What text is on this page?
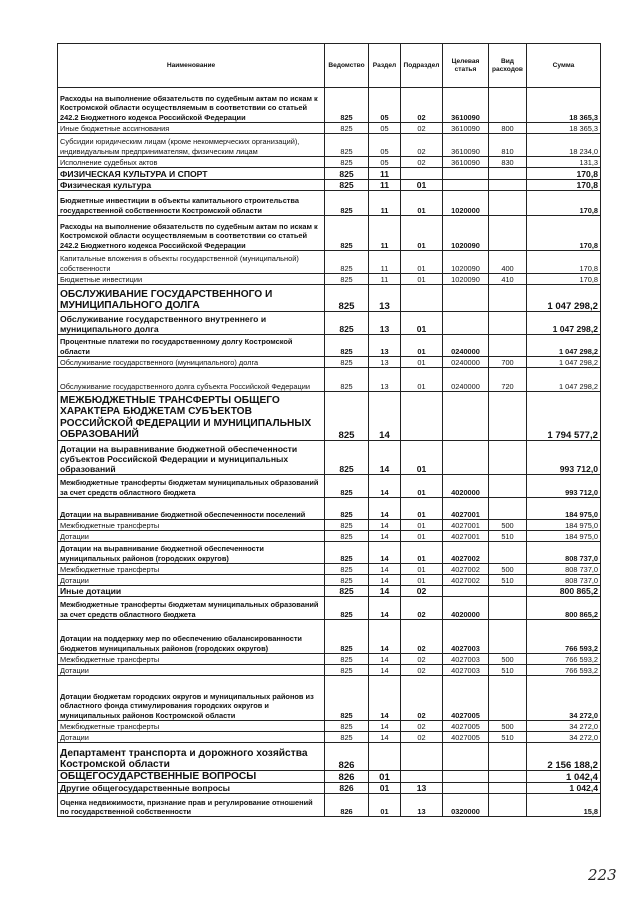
Наименование	Ведомство	Раздел	Подраздел	Целевая статья	Вид расходов	Сумма
Расходы на выполнение обязательств по судебным актам по искам к Костромской области осуществляемым в соответствии со статьей 242.2 Бюджетного кодекса Российской Федерации	825	05	02	3610090		18 365,3
Иные бюджетные ассигнования	825	05	02	3610090	800	18 365,3
Субсидии юридическим лицам (кроме некоммерческих организаций), индивидуальным предпринимателям, физическим лицам	825	05	02	3610090	810	18 234,0
Исполнение судебных актов	825	05	02	3610090	830	131,3
ФИЗИЧЕСКАЯ КУЛЬТУРА И СПОРТ	825	11				170,8
Физическая культура	825	11	01			170,8
Бюджетные инвестиции в объекты капитального строительства государственной собственности Костромской области	825	11	01	1020000		170,8
Расходы на выполнение обязательств по судебным актам по искам к Костромской области осуществляемым в соответствии со статьей 242.2 Бюджетного кодекса Российской Федерации	825	11	01	1020090		170,8
Капитальные вложения в объекты государственной (муниципальной) собственности	825	11	01	1020090	400	170,8
Бюджетные инвестиции	825	11	01	1020090	410	170,8
ОБСЛУЖИВАНИЕ ГОСУДАРСТВЕННОГО И МУНИЦИПАЛЬНОГО ДОЛГА	825	13				1 047 298,2
Обслуживание государственного внутреннего и муниципального долга	825	13	01			1 047 298,2
Процентные платежи по государственному долгу Костромской области	825	13	01	0240000		1 047 298,2
Обслуживание государственного (муниципального) долга	825	13	01	0240000	700	1 047 298,2
Обслуживание государственного долга субъекта Российской Федерации	825	13	01	0240000	720	1 047 298,2
МЕЖБЮДЖЕТНЫЕ ТРАНСФЕРТЫ ОБЩЕГО ХАРАКТЕРА БЮДЖЕТАМ СУБЪЕКТОВ РОССИЙСКОЙ ФЕДЕРАЦИИ И МУНИЦИПАЛЬНЫХ ОБРАЗОВАНИЙ	825	14				1 794 577,2
Дотации на выравнивание бюджетной обеспеченности субъектов Российской Федерации и муниципальных образований	825	14	01			993 712,0
Межбюджетные трансферты бюджетам муниципальных образований за счет средств областного бюджета	825	14	01	4020000		993 712,0
Дотации на выравнивание бюджетной обеспеченности поселений	825	14	01	4027001		184 975,0
Межбюджетные трансферты	825	14	01	4027001	500	184 975,0
Дотации	825	14	01	4027001	510	184 975,0
Дотации на выравнивание бюджетной обеспеченности муниципальных районов (городских округов)	825	14	01	4027002		808 737,0
Межбюджетные трансферты	825	14	01	4027002	500	808 737,0
Дотации	825	14	01	4027002	510	808 737,0
Иные дотации	825	14	02			800 865,2
Межбюджетные трансферты бюджетам муниципальных образований за счет средств областного бюджета	825	14	02	4020000		800 865,2
Дотации на поддержку мер по обеспечению сбалансированности бюджетов муниципальных районов (городских округов)	825	14	02	4027003		766 593,2
Межбюджетные трансферты	825	14	02	4027003	500	766 593,2
Дотации	825	14	02	4027003	510	766 593,2
Дотации бюджетам городских округов и муниципальных районов из областного фонда стимулирования городских округов и муниципальных районов Костромской области	825	14	02	4027005		34 272,0
Межбюджетные трансферты	825	14	02	4027005	500	34 272,0
Дотации	825	14	02	4027005	510	34 272,0
Департамент транспорта и дорожного хозяйства Костромской области	826					2 156 188,2
ОБЩЕГОСУДАРСТВЕННЫЕ ВОПРОСЫ	826	01				1 042,4
Другие общегосударственные вопросы	826	01	13			1 042,4
Оценка недвижимости, признание прав и регулирование отношений по государственной собственности	826	01	13	0320000		15,8
223
